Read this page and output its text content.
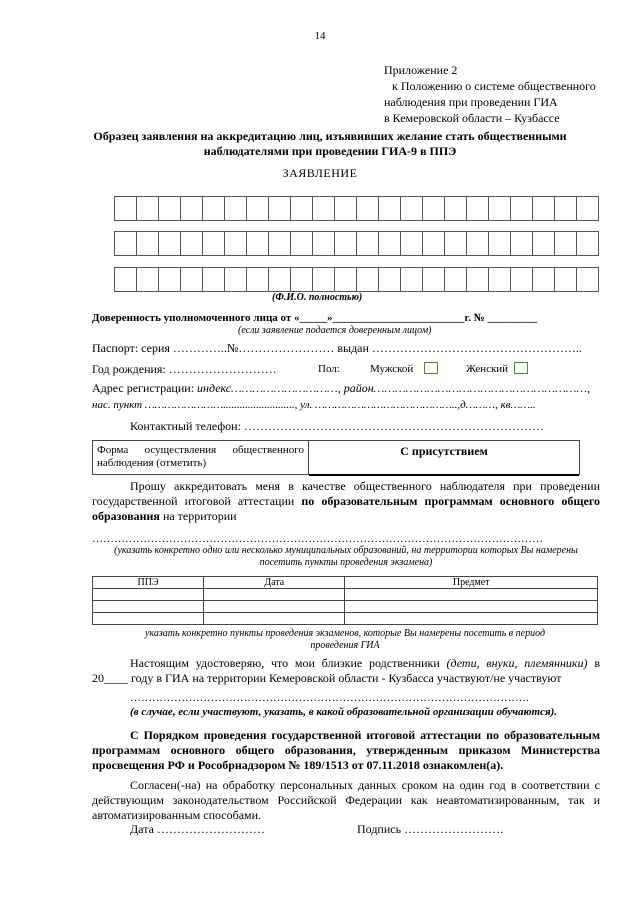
14
Приложение 2
к Положению о системе общественного
наблюдения при проведении ГИА
в Кемеровской области – Кузбассе
Образец заявления на аккредитацию лиц, изъявивших желание стать общественными наблюдателями при проведении ГИА-9 в ППЭ
ЗАЯВЛЕНИЕ
(Ф.И.О. полностью)
Доверенность уполномоченного лица от «_____»________________________г. № _________
(если заявление подается доверенным лицом)
Паспорт: серия …………..№…………………… выдан ……………………………………………..
Год рождения: ………………………	Пол:	Мужской	Женский
Адрес регистрации: индекс…………………………, район……………………………………………………,
нас. пункт …………………….........................., ул. ……………………………………..,д………, кв……..
Контактный телефон: …………………………………………………………………
Форма осуществления общественного наблюдения (отметить)
С присутствием
Прошу аккредитовать меня в качестве общественного наблюдателя при проведении государственной итоговой аттестации по образовательным программам основного общего образования на территории
……………………………………………………………………………………………………………
(указать конкретно одно или несколько муниципальных образований, на территории которых Вы намерены посетить пункты проведения экзамена)
ППЭ	Дата	Предмет

указать конкретно пункты проведения экзаменов, которые Вы намерены посетить в период проведения ГИА
Настоящим удостоверяю, что мои близкие родственники (дети, внуки, племянники) в 20____ году в ГИА на территории Кемеровской области - Кузбасса участвуют/не участвуют
……………………………………………………………………………………………….
(в случае, если участвуют, указать, в какой образовательной организации обучаются).
С Порядком проведения государственной итоговой аттестации по образовательным программам основного общего образования, утвержденным приказом Министерства просвещения РФ и Рособрнадзором № 189/1513 от 07.11.2018 ознакомлен(а).
Согласен(-на) на обработку персональных данных сроком на один год в соответствии с действующим законодательством Российской Федерации как неавтоматизированным, так и автоматизированным способами.
Дата ………………………	Подпись …………………….
